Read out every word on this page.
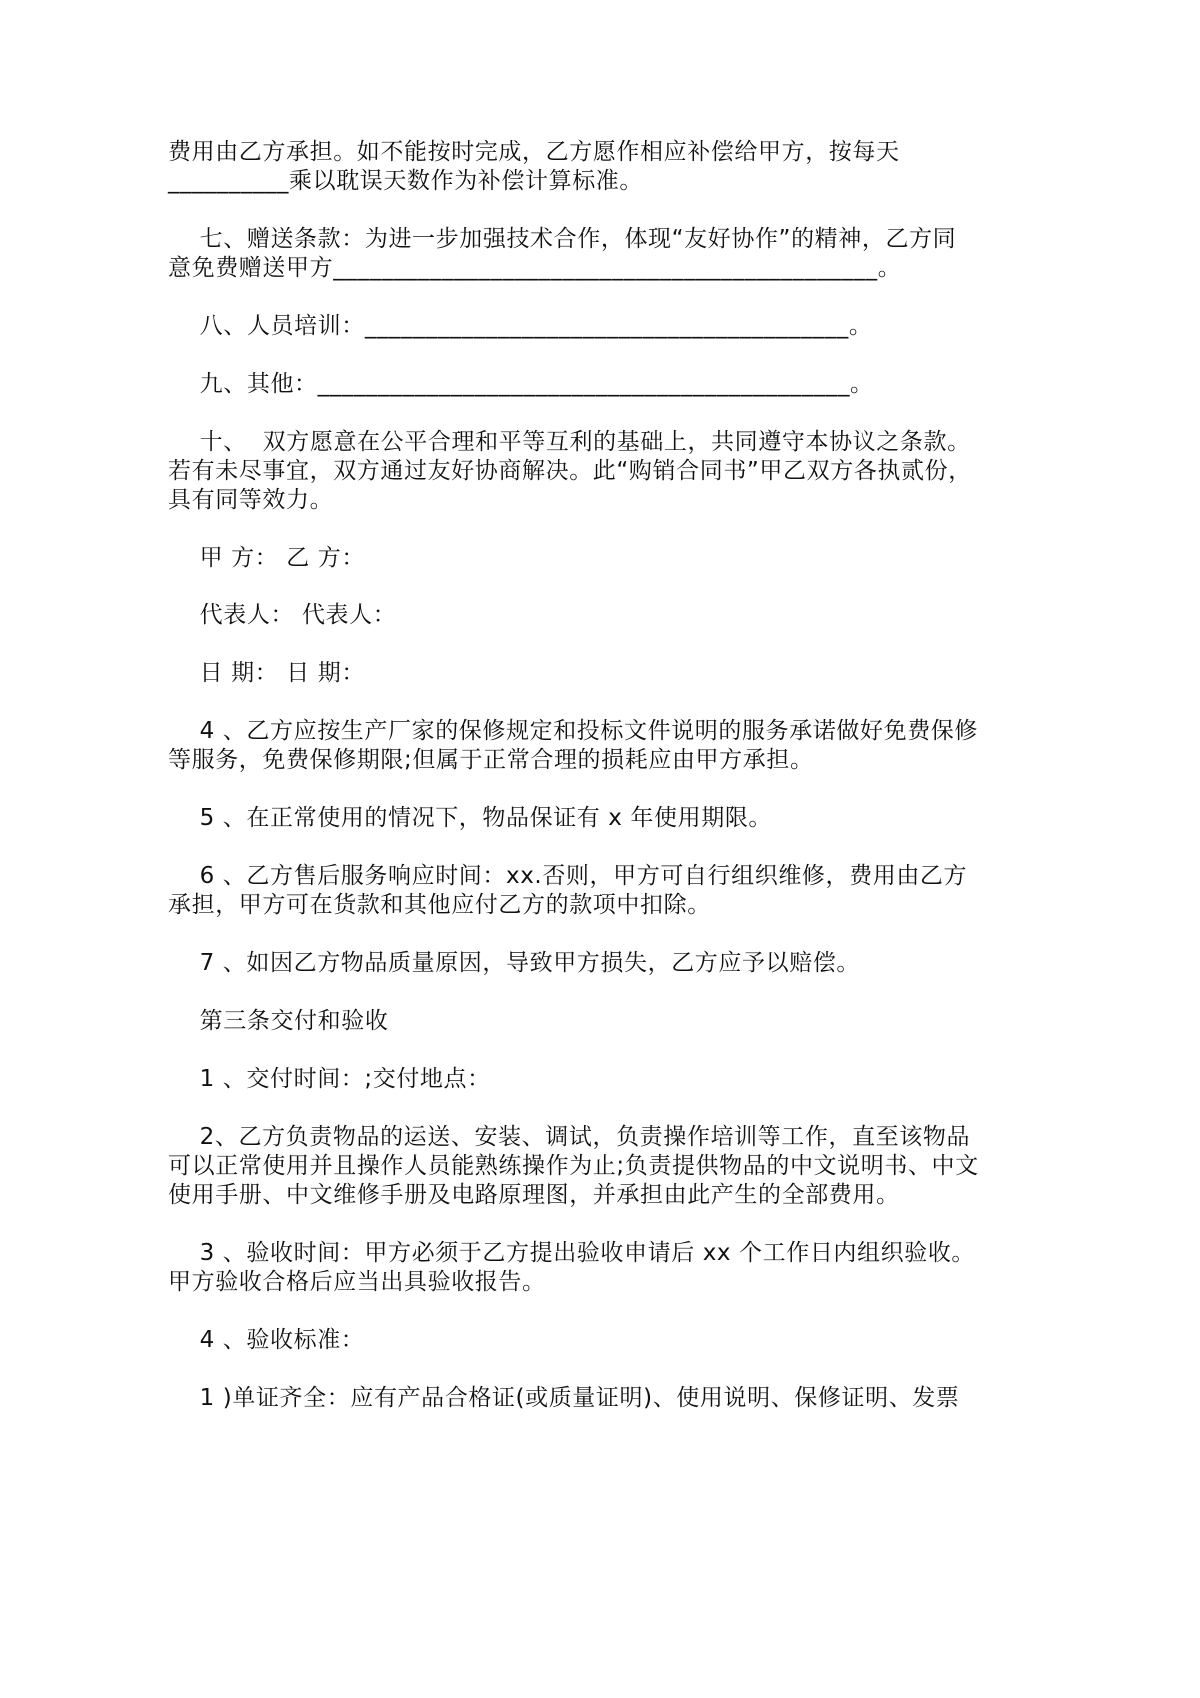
费用由乙方承担。如不能按时完成，乙方愿作相应补偿给甲方，按每天
__________乘以耽误天数作为补偿计算标准。
七、赠送条款：为进一步加强技术合作，体现“友好协作”的精神，乙方同
意免费赠送甲方_____________________________________________。
八、人员培训：________________________________________。
九、其他：____________________________________________。
十、  双方愿意在公平合理和平等互利的基础上，共同遵守本协议之条款。
若有未尽事宜，双方通过友好协商解决。此“购销合同书”甲乙双方各执贰份，
具有同等效力。
甲 方： 乙 方：
代表人： 代表人：
日 期： 日 期：
4 、乙方应按生产厂家的保修规定和投标文件说明的服务承诺做好免费保修
等服务，免费保修期限;但属于正常合理的损耗应由甲方承担。
5 、在正常使用的情况下，物品保证有 x 年使用期限。
6 、乙方售后服务响应时间：xx.否则，甲方可自行组织维修，费用由乙方
承担，甲方可在货款和其他应付乙方的款项中扣除。
7 、如因乙方物品质量原因，导致甲方损失，乙方应予以赔偿。
第三条交付和验收
1 、交付时间：;交付地点：
2、乙方负责物品的运送、安装、调试，负责操作培训等工作，直至该物品
可以正常使用并且操作人员能熟练操作为止;负责提供物品的中文说明书、中文
使用手册、中文维修手册及电路原理图，并承担由此产生的全部费用。
3 、验收时间：甲方必须于乙方提出验收申请后 xx 个工作日内组织验收。
甲方验收合格后应当出具验收报告。
4 、验收标准：
1 )单证齐全：应有产品合格证(或质量证明)、使用说明、保修证明、发票
